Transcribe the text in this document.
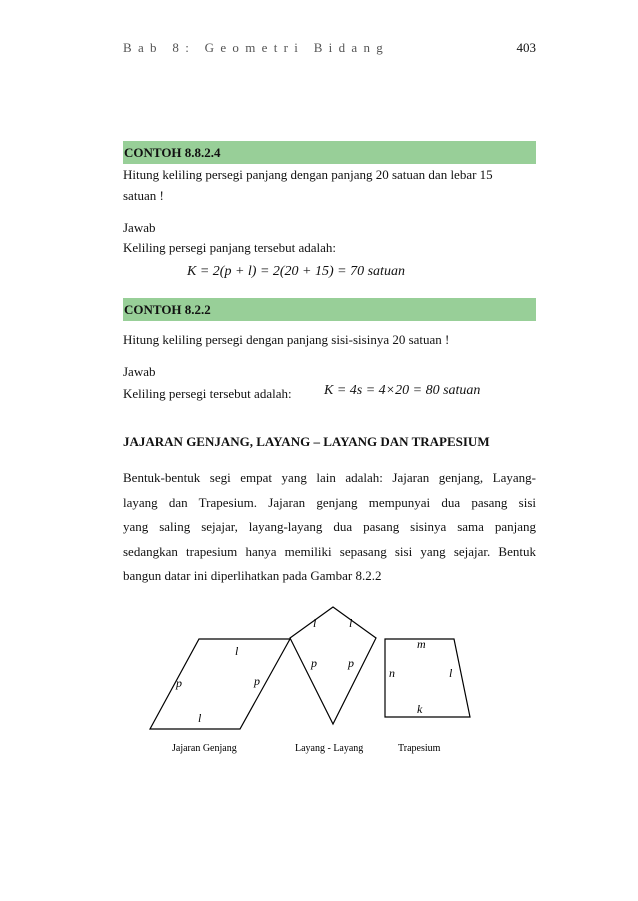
Bab 8: Geometri Bidang	403
CONTOH 8.8.2.4
Hitung keliling persegi panjang dengan panjang 20 satuan dan lebar 15
satuan !
Jawab
Keliling persegi panjang tersebut adalah:
K = 2(p + l) = 2(20 + 15) = 70 satuan
CONTOH 8.2.2
Hitung keliling persegi dengan panjang sisi-sisinya 20 satuan !
Jawab
Keliling persegi tersebut adalah: K = 4s = 4×20 = 80 satuan
JAJARAN GENJANG, LAYANG – LAYANG DAN TRAPESIUM
Bentuk-bentuk segi empat yang lain adalah: Jajaran genjang, Layang-
layang dan Trapesium. Jajaran genjang mempunyai dua pasang sisi
yang saling sejajar, layang-layang dua pasang sisinya sama panjang
sedangkan trapesium hanya memiliki sepasang sisi yang sejajar. Bentuk
bangun datar ini diperlihatkan pada Gambar 8.2.2
l
l
p	p
Jajaran Genjang
l	l
p	p
Layang - Layang
m
k
n	l
Trapesium
